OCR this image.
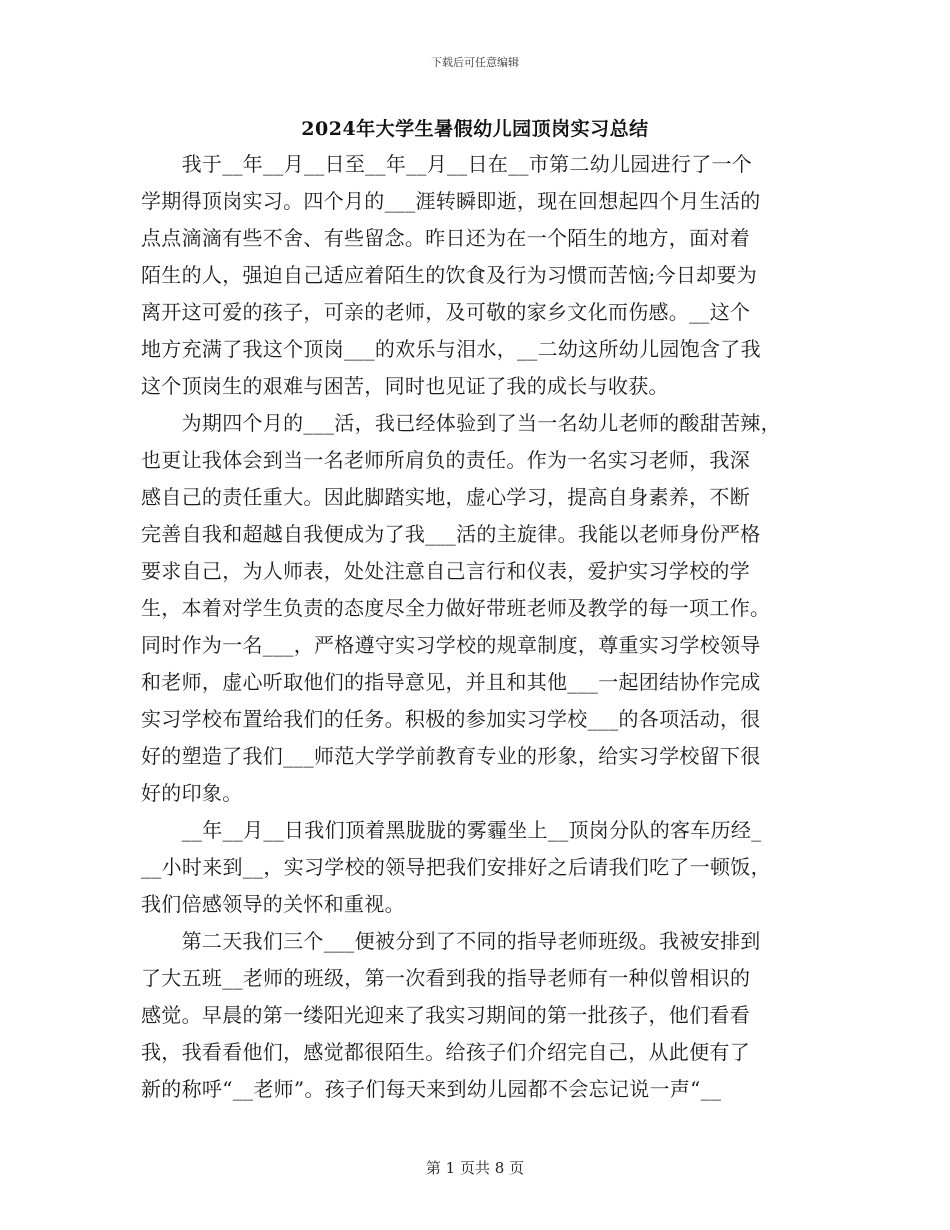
下载后可任意编辑
2024年大学生暑假幼儿园顶岗实习总结
　　我于__年__月__日至__年__月__日在__市第二幼儿园进行了一个
学期得顶岗实习。四个月的___涯转瞬即逝，现在回想起四个月生活的
点点滴滴有些不舍、有些留念。昨日还为在一个陌生的地方，面对着
陌生的人，强迫自己适应着陌生的饮食及行为习惯而苦恼;今日却要为
离开这可爱的孩子，可亲的老师，及可敬的家乡文化而伤感。__这个
地方充满了我这个顶岗___的欢乐与泪水，__二幼这所幼儿园饱含了我
这个顶岗生的艰难与困苦，同时也见证了我的成长与收获。
　　为期四个月的___活，我已经体验到了当一名幼儿老师的酸甜苦辣，
也更让我体会到当一名老师所肩负的责任。作为一名实习老师，我深
感自己的责任重大。因此脚踏实地，虚心学习，提高自身素养，不断
完善自我和超越自我便成为了我___活的主旋律。我能以老师身份严格
要求自己，为人师表，处处注意自己言行和仪表，爱护实习学校的学
生，本着对学生负责的态度尽全力做好带班老师及教学的每一项工作。
同时作为一名___，严格遵守实习学校的规章制度，尊重实习学校领导
和老师，虚心听取他们的指导意见，并且和其他___一起团结协作完成
实习学校布置给我们的任务。积极的参加实习学校___的各项活动，很
好的塑造了我们___师范大学学前教育专业的形象，给实习学校留下很
好的印象。
　　__年__月__日我们顶着黑胧胧的雾霾坐上__顶岗分队的客车历经_
__小时来到__，实习学校的领导把我们安排好之后请我们吃了一顿饭，
我们倍感领导的关怀和重视。
　　第二天我们三个___便被分到了不同的指导老师班级。我被安排到
了大五班__老师的班级，第一次看到我的指导老师有一种似曾相识的
感觉。早晨的第一缕阳光迎来了我实习期间的第一批孩子，他们看看
我，我看看他们，感觉都很陌生。给孩子们介绍完自己，从此便有了
新的称呼“__老师”。孩子们每天来到幼儿园都不会忘记说一声“__
第 1 页共 8 页
